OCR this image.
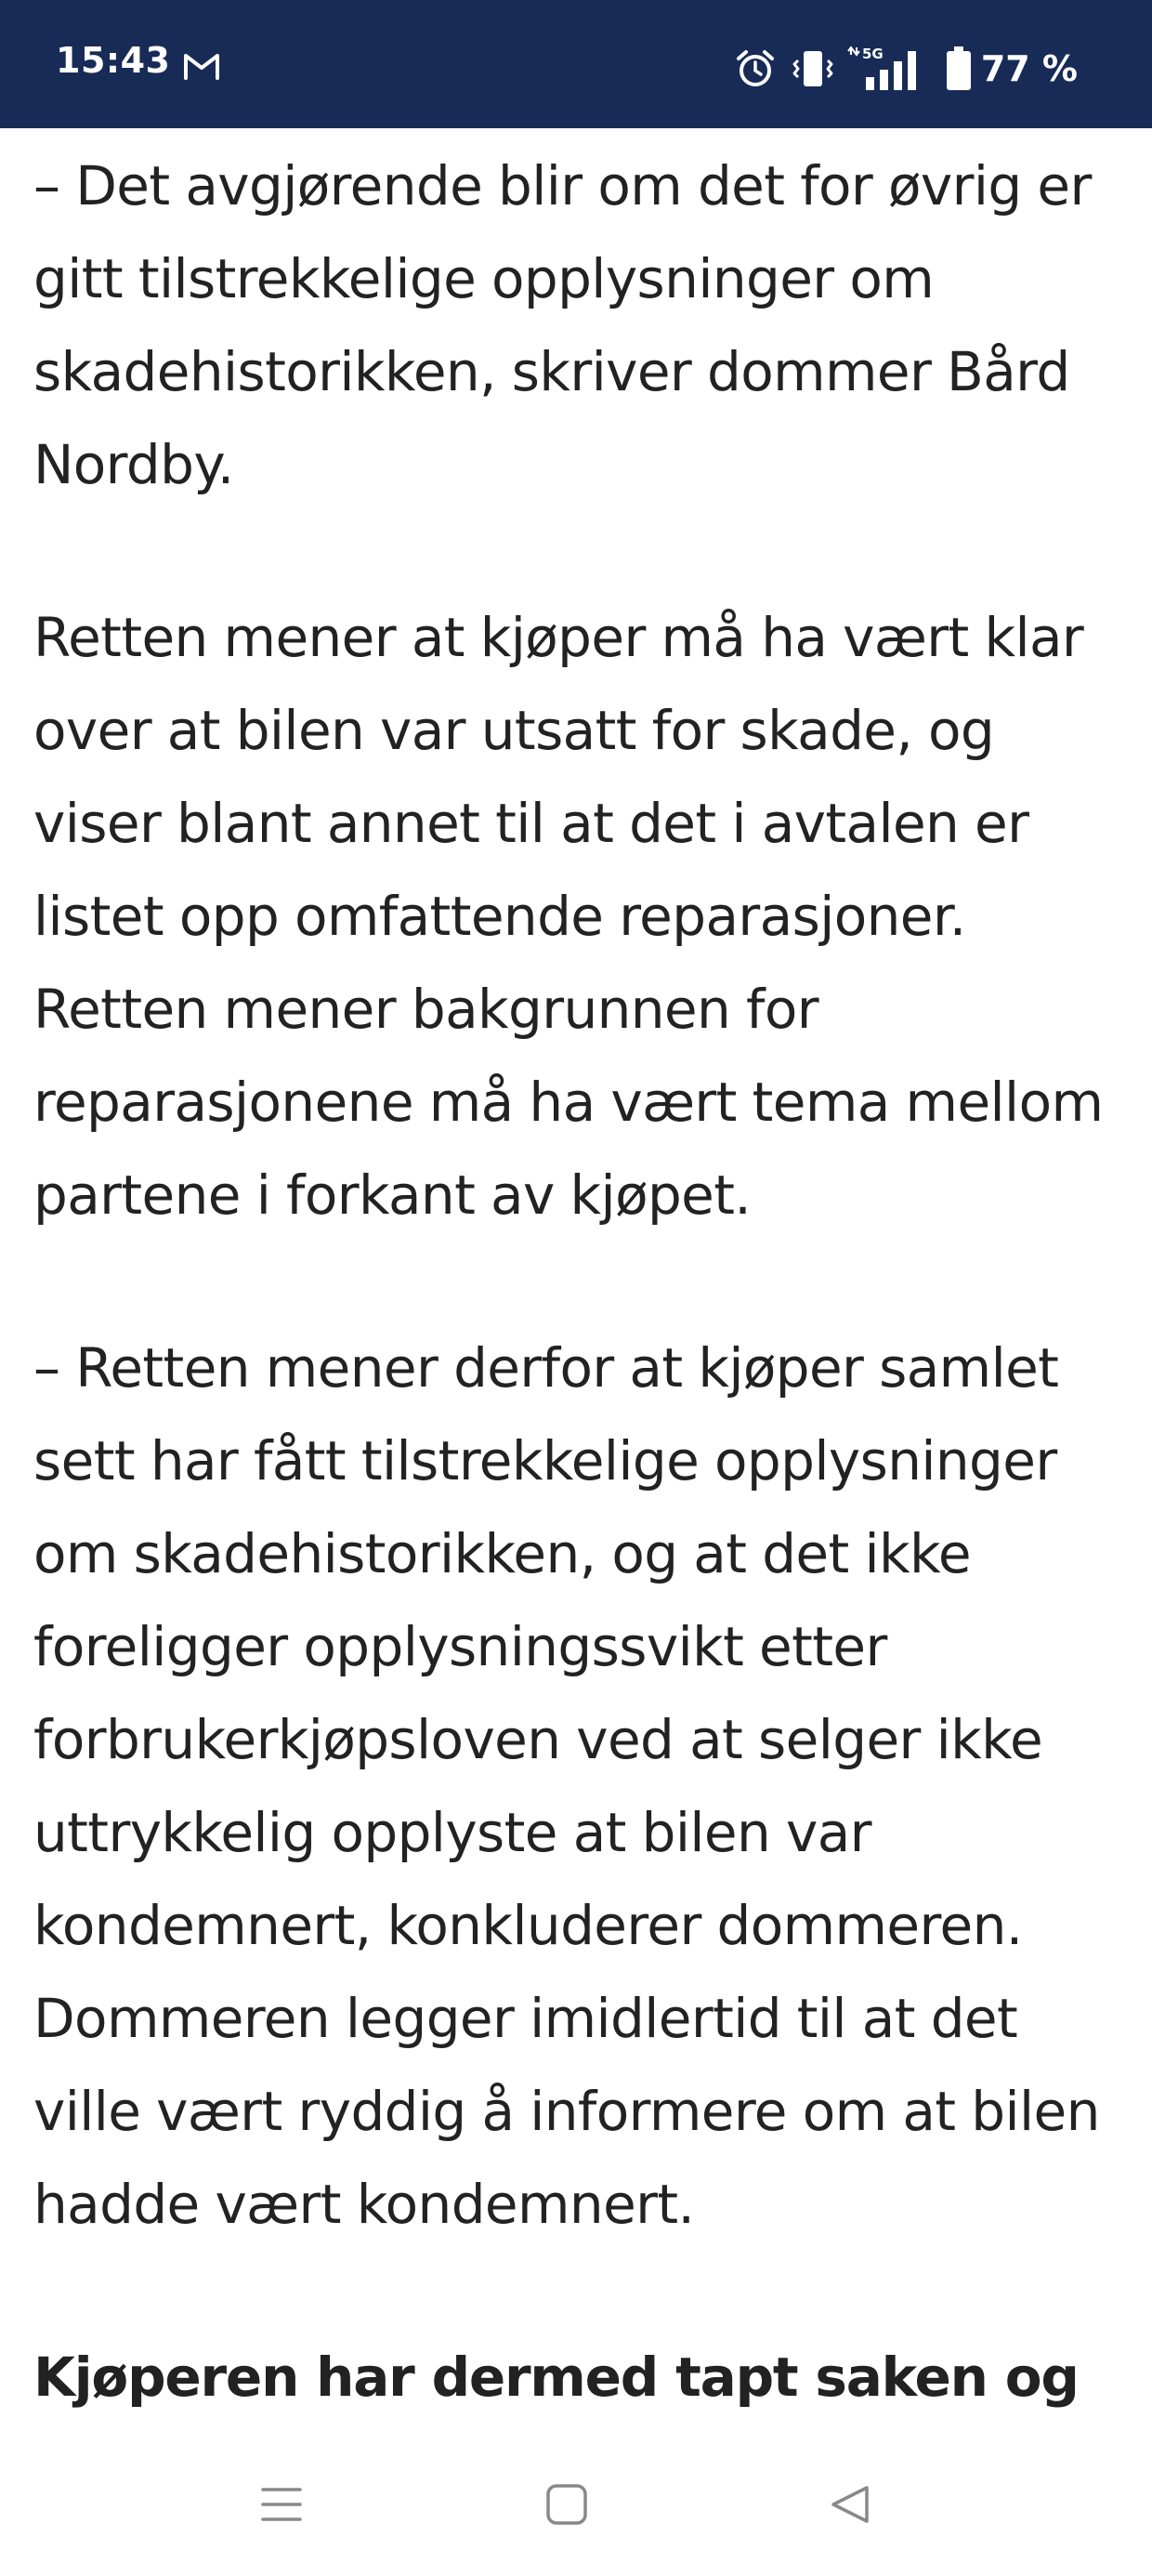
15:43	5G	77 %

– Det avgjørende blir om det for øvrig er gitt tilstrekkelige opplysninger om skadehistorikken, skriver dommer Bård Nordby.

Retten mener at kjøper må ha vært klar over at bilen var utsatt for skade, og viser blant annet til at det i avtalen er listet opp omfattende reparasjoner. Retten mener bakgrunnen for reparasjonene må ha vært tema mellom partene i forkant av kjøpet.

– Retten mener derfor at kjøper samlet sett har fått tilstrekkelige opplysninger om skadehistorikken, og at det ikke foreligger opplysningssvikt etter forbrukerkjøpsloven ved at selger ikke uttrykkelig opplyste at bilen var kondemnert, konkluderer dommeren. Dommeren legger imidlertid til at det ville vært ryddig å informere om at bilen hadde vært kondemnert.

Kjøperen har dermed tapt saken og
